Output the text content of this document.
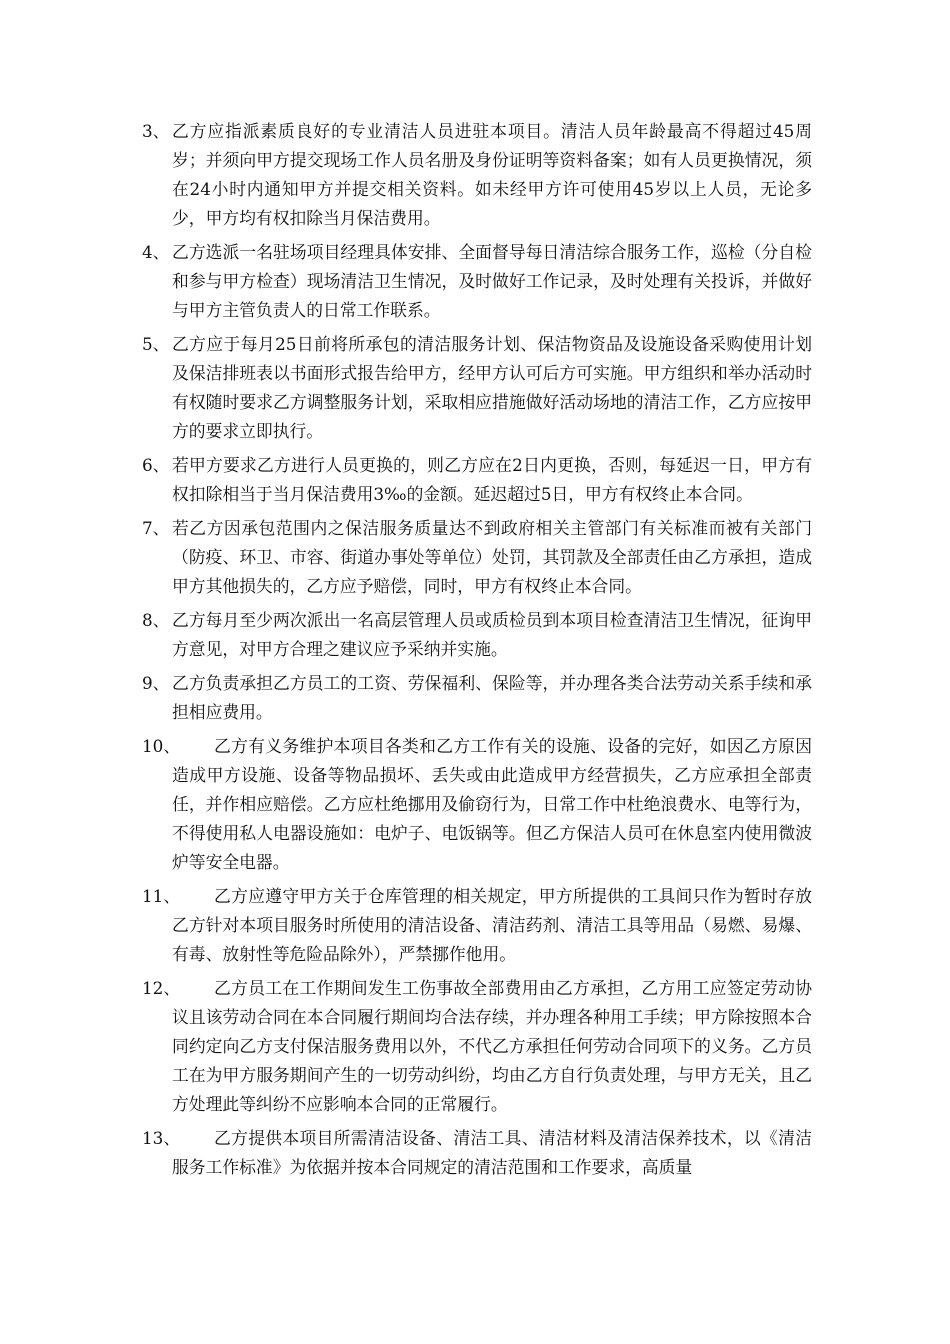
3、 乙方应指派素质良好的专业清洁人员进驻本项目。清洁人员年龄最高不得超过45周岁；并须向甲方提交现场工作人员名册及身份证明等资料备案；如有人员更换情况，须在24小时内通知甲方并提交相关资料。如未经甲方许可使用45岁以上人员，无论多少，甲方均有权扣除当月保洁费用。
4、 乙方选派一名驻场项目经理具体安排、全面督导每日清洁综合服务工作，巡检（分自检和参与甲方检查）现场清洁卫生情况，及时做好工作记录，及时处理有关投诉，并做好与甲方主管负责人的日常工作联系。
5、 乙方应于每月25日前将所承包的清洁服务计划、保洁物资品及设施设备采购使用计划及保洁排班表以书面形式报告给甲方，经甲方认可后方可实施。甲方组织和举办活动时有权随时要求乙方调整服务计划，采取相应措施做好活动场地的清洁工作，乙方应按甲方的要求立即执行。
6、 若甲方要求乙方进行人员更换的，则乙方应在2日内更换，否则，每延迟一日，甲方有权扣除相当于当月保洁费用3‰的金额。延迟超过5日，甲方有权终止本合同。
7、 若乙方因承包范围内之保洁服务质量达不到政府相关主管部门有关标准而被有关部门（防疫、环卫、市容、街道办事处等单位）处罚，其罚款及全部责任由乙方承担，造成甲方其他损失的，乙方应予赔偿，同时，甲方有权终止本合同。
8、 乙方每月至少两次派出一名高层管理人员或质检员到本项目检查清洁卫生情况，征询甲方意见，对甲方合理之建议应予采纳并实施。
9、 乙方负责承担乙方员工的工资、劳保福利、保险等，并办理各类合法劳动关系手续和承担相应费用。
10、	乙方有义务维护本项目各类和乙方工作有关的设施、设备的完好，如因乙方原因造成甲方设施、设备等物品损坏、丢失或由此造成甲方经营损失，乙方应承担全部责任，并作相应赔偿。乙方应杜绝挪用及偷窃行为，日常工作中杜绝浪费水、电等行为，不得使用私人电器设施如：电炉子、电饭锅等。但乙方保洁人员可在休息室内使用微波炉等安全电器。
11、	乙方应遵守甲方关于仓库管理的相关规定，甲方所提供的工具间只作为暂时存放乙方针对本项目服务时所使用的清洁设备、清洁药剂、清洁工具等用品（易燃、易爆、有毒、放射性等危险品除外），严禁挪作他用。
12、	乙方员工在工作期间发生工伤事故全部费用由乙方承担，乙方用工应签定劳动协议且该劳动合同在本合同履行期间均合法存续，并办理各种用工手续；甲方除按照本合同约定向乙方支付保洁服务费用以外，不代乙方承担任何劳动合同项下的义务。乙方员工在为甲方服务期间产生的一切劳动纠纷，均由乙方自行负责处理，与甲方无关，且乙方处理此等纠纷不应影响本合同的正常履行。
13、	乙方提供本项目所需清洁设备、清洁工具、清洁材料及清洁保养技术，以《清洁服务工作标准》为依据并按本合同规定的清洁范围和工作要求，高质量
